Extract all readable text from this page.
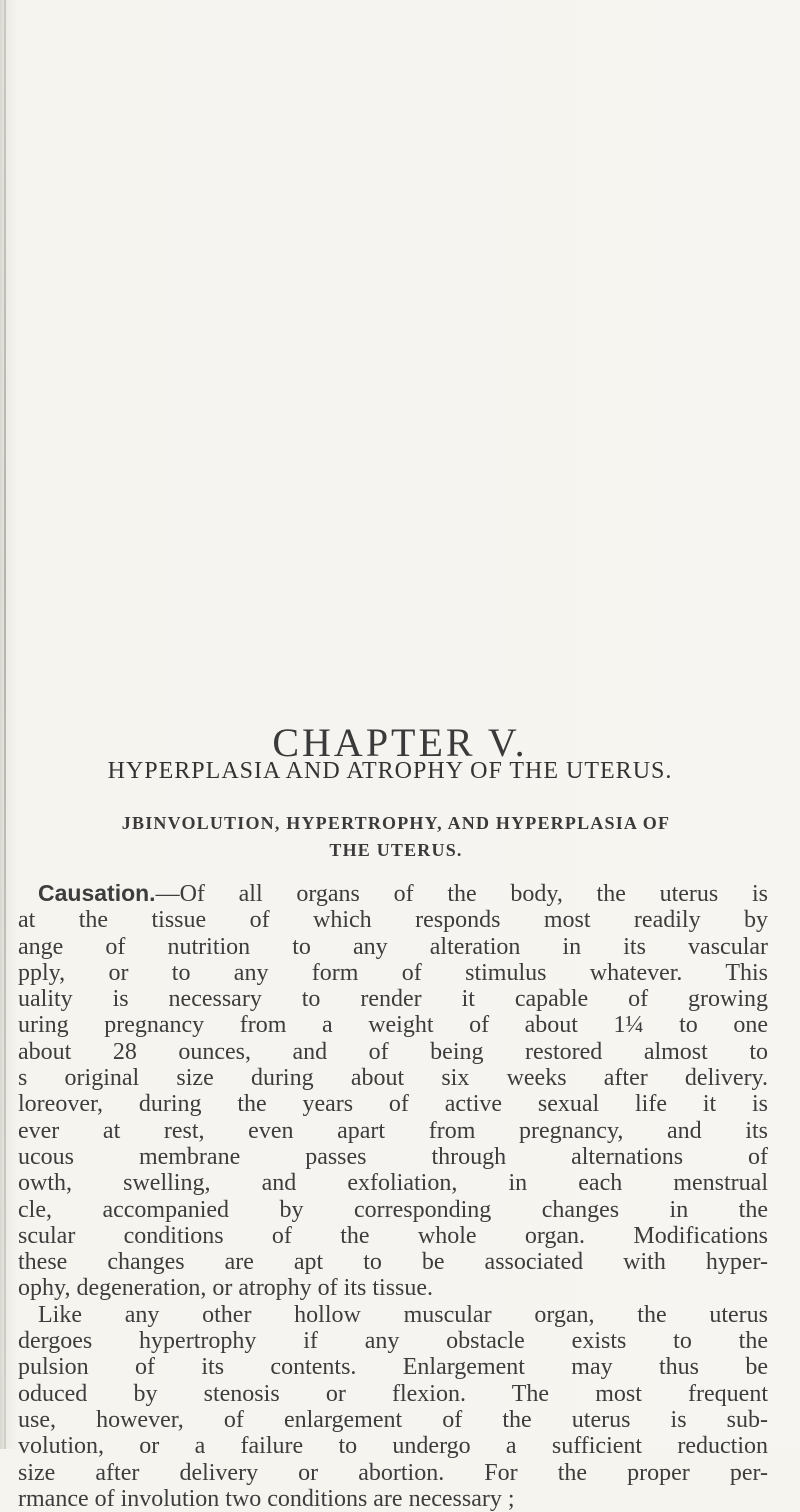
CHAPTER V.
HYPERPLASIA AND ATROPHY OF THE UTERUS.
JBINVOLUTION, HYPERTROPHY, AND HYPERPLASIA OF
THE UTERUS.
Causation.—Of all organs of the body, the uterus is
at the tissue of which responds most readily by
ange of nutrition to any alteration in its vascular
pply, or to any form of stimulus whatever. This
uality is necessary to render it capable of growing
uring pregnancy from a weight of about 1¼ to one
about 28 ounces, and of being restored almost to
s original size during about six weeks after delivery.
loreover, during the years of active sexual life it is
ever at rest, even apart from pregnancy, and its
ucous membrane passes through alternations of
owth, swelling, and exfoliation, in each menstrual
cle, accompanied by corresponding changes in the
scular conditions of the whole organ. Modifications
these changes are apt to be associated with hyper-
ophy, degeneration, or atrophy of its tissue.
Like any other hollow muscular organ, the uterus
dergoes hypertrophy if any obstacle exists to the
pulsion of its contents. Enlargement may thus be
oduced by stenosis or flexion. The most frequent
use, however, of enlargement of the uterus is sub-
volution, or a failure to undergo a sufficient reduction
size after delivery or abortion. For the proper per-
rmance of involution two conditions are necessary ;
